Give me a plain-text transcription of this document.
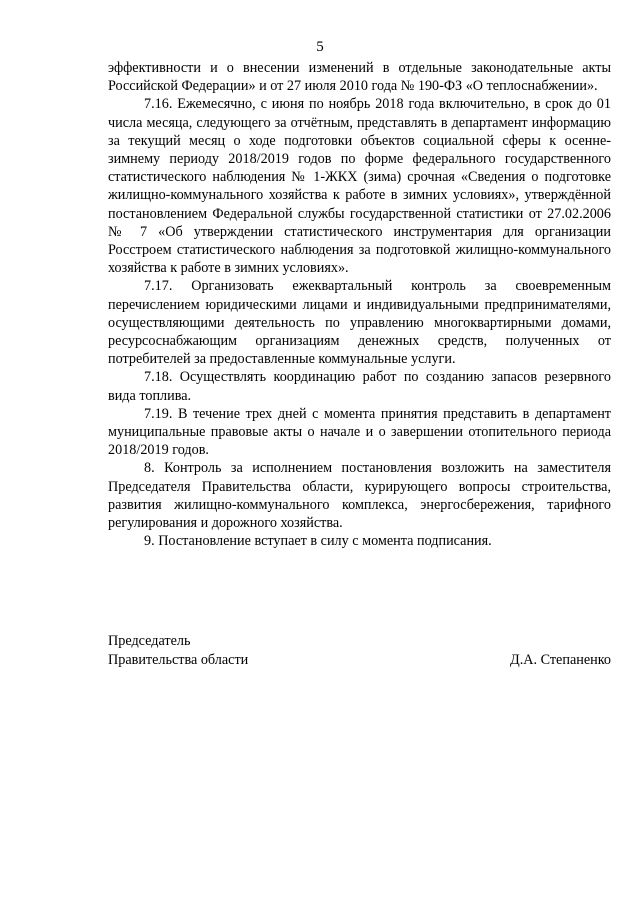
5

эффективности и о внесении изменений в отдельные законодательные акты Российской Федерации» и от 27 июля 2010 года № 190-ФЗ «О теплоснабжении».

7.16. Ежемесячно, с июня по ноябрь 2018 года включительно, в срок до 01 числа месяца, следующего за отчётным, представлять в департамент информацию за текущий месяц о ходе подготовки объектов социальной сферы к осенне-зимнему периоду 2018/2019 годов по форме федерального государственного статистического наблюдения № 1-ЖКХ (зима) срочная «Сведения о подготовке жилищно-коммунального хозяйства к работе в зимних условиях», утверждённой постановлением Федеральной службы государственной статистики от 27.02.2006 № 7 «Об утверждении статистического инструментария для организации Росстроем статистического наблюдения за подготовкой жилищно-коммунального хозяйства к работе в зимних условиях».

7.17. Организовать ежеквартальный контроль за своевременным перечислением юридическими лицами и индивидуальными предпринимателями, осуществляющими деятельность по управлению многоквартирными домами, ресурсоснабжающим организациям денежных средств, полученных от потребителей за предоставленные коммунальные услуги.

7.18. Осуществлять координацию работ по созданию запасов резервного вида топлива.

7.19. В течение трех дней с момента принятия представить в департамент муниципальные правовые акты о начале и о завершении отопительного периода 2018/2019 годов.

8. Контроль за исполнением постановления возложить на заместителя Председателя Правительства области, курирующего вопросы строительства, развития жилищно-коммунального комплекса, энергосбережения, тарифного регулирования и дорожного хозяйства.

9. Постановление вступает в силу с момента подписания.

Председатель
Правительства области	Д.А. Степаненко
